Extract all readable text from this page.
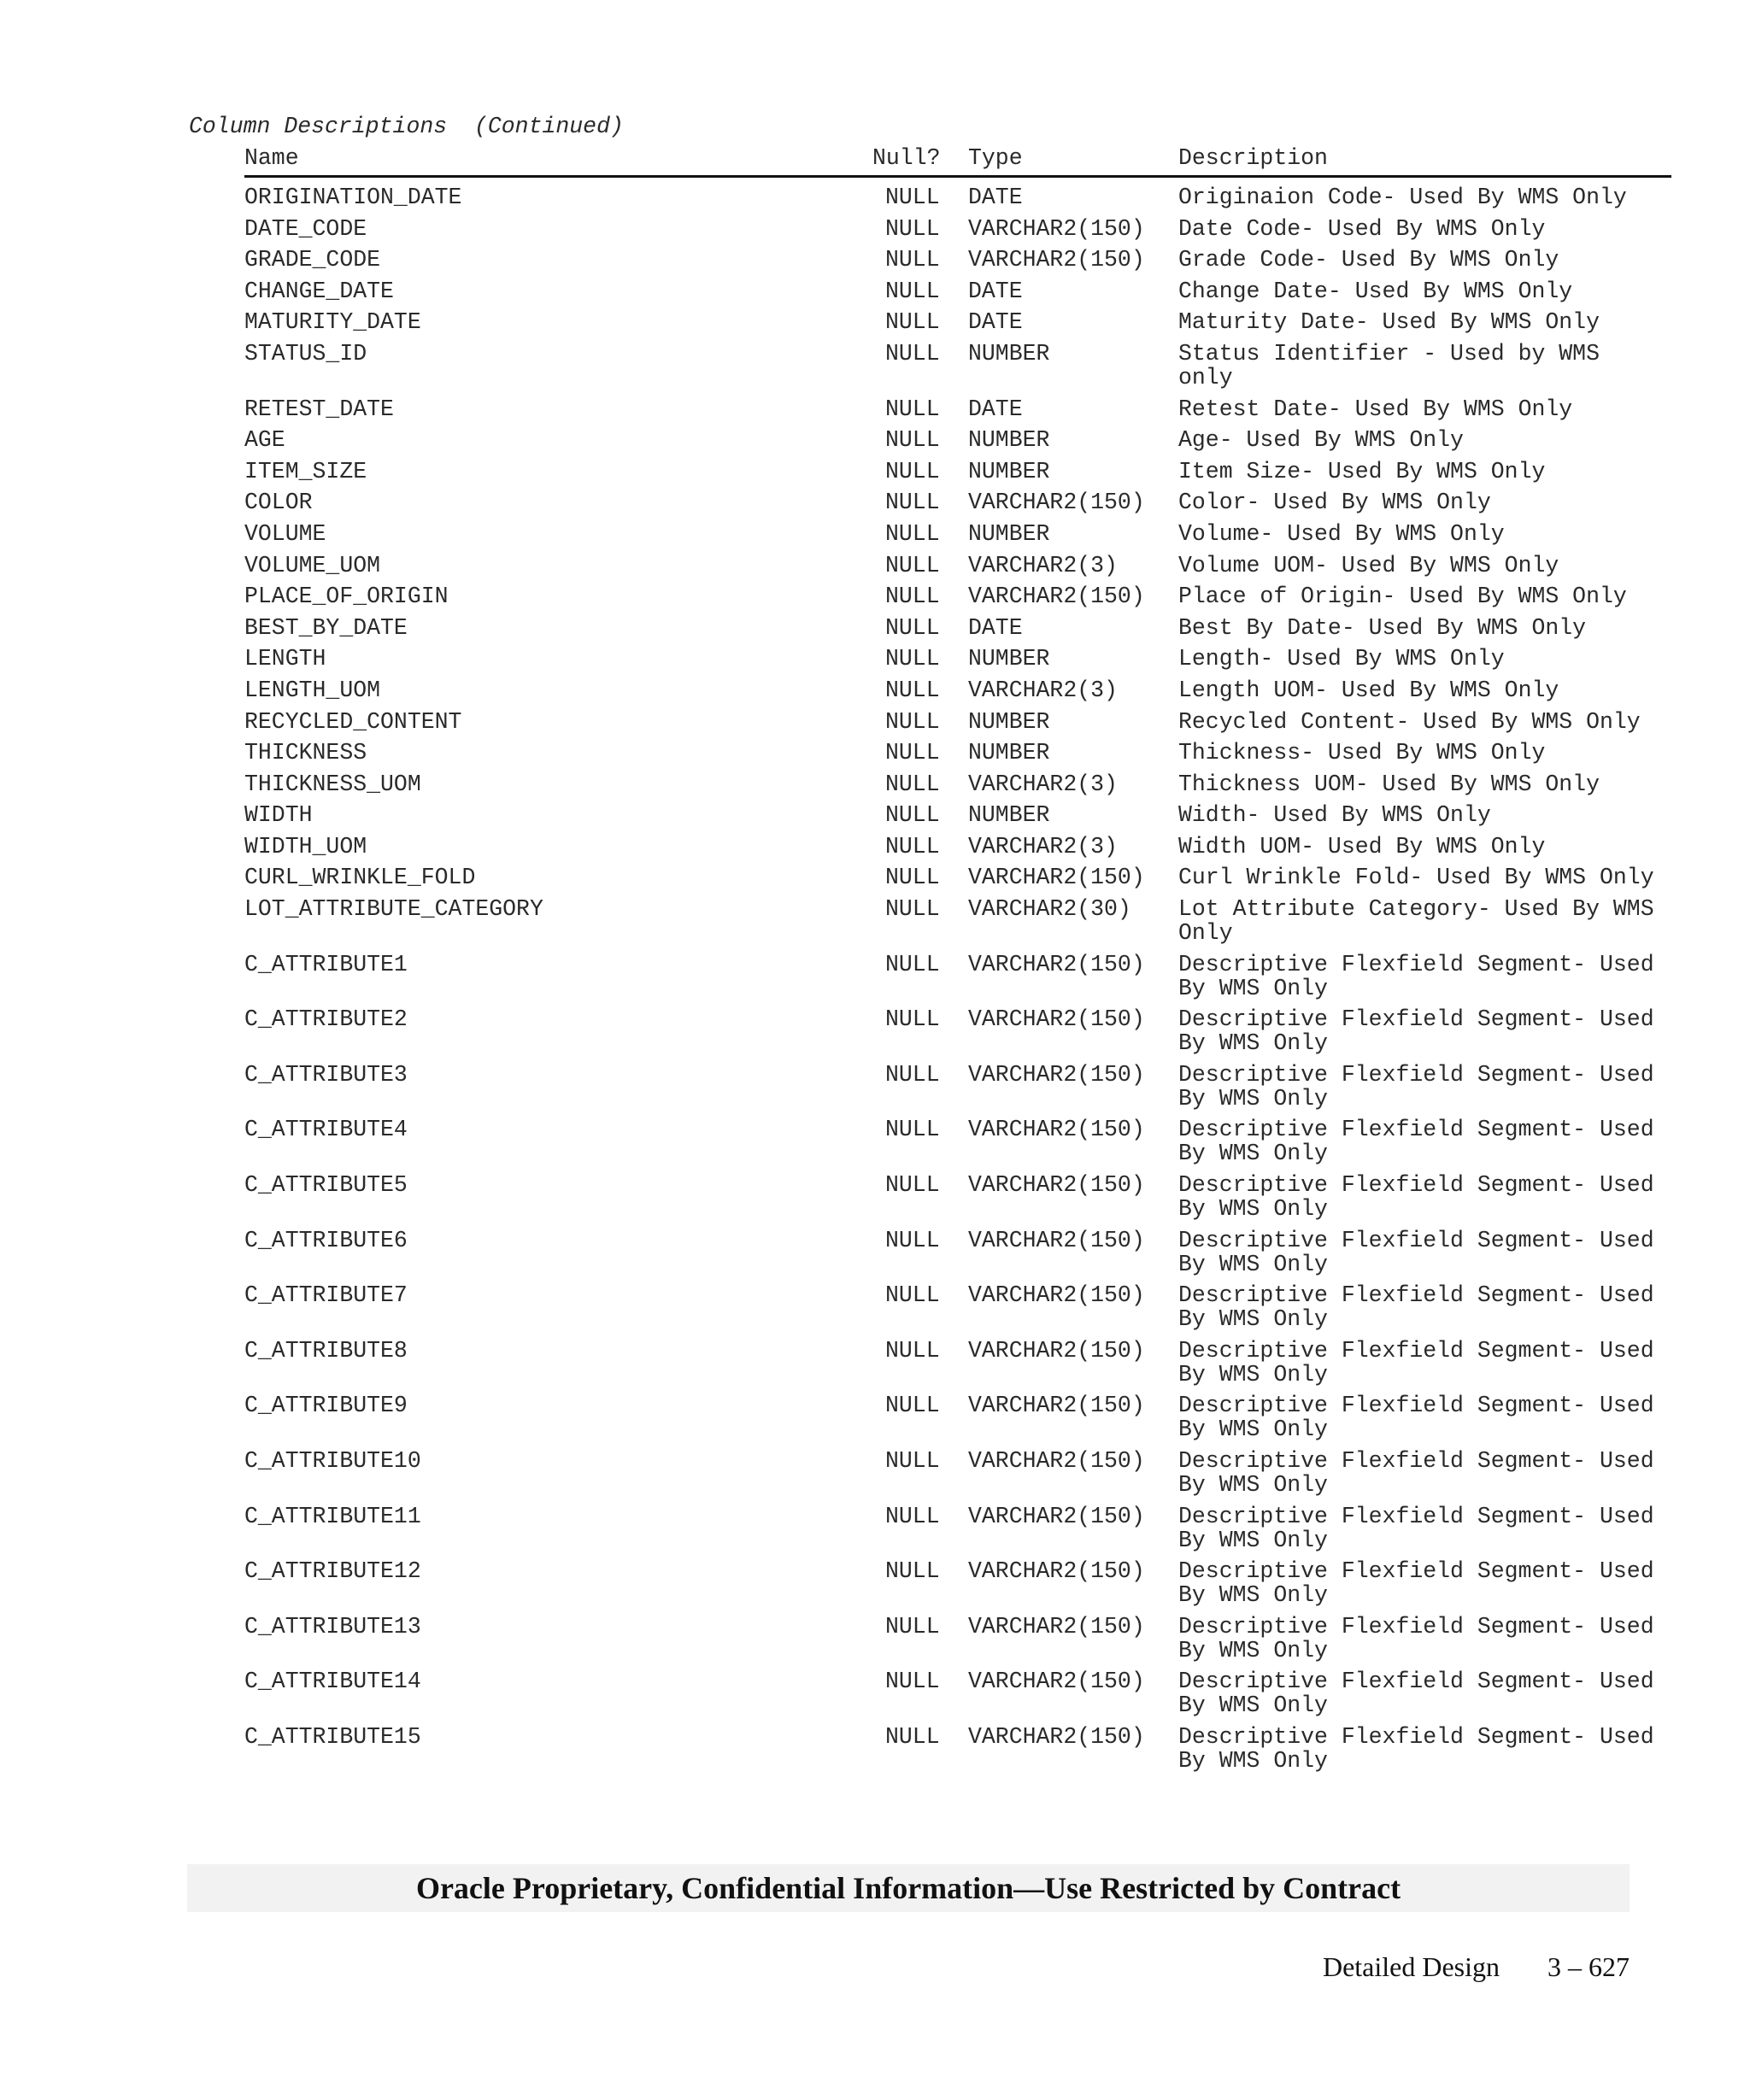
Column Descriptions  (Continued)
Name	Null? Type	Description
ORIGINATION_DATE	NULL DATE	Originaion Code- Used By WMS Only
DATE_CODE	NULL VARCHAR2(150) Date Code- Used By WMS Only
GRADE_CODE	NULL VARCHAR2(150) Grade Code- Used By WMS Only
CHANGE_DATE	NULL DATE	Change Date- Used By WMS Only
MATURITY_DATE	NULL DATE	Maturity Date- Used By WMS Only
STATUS_ID	NULL NUMBER	Status Identifier - Used by WMS only
RETEST_DATE	NULL DATE	Retest Date- Used By WMS Only
AGE	NULL NUMBER	Age- Used By WMS Only
ITEM_SIZE	NULL NUMBER	Item Size- Used By WMS Only
COLOR	NULL VARCHAR2(150) Color- Used By WMS Only
VOLUME	NULL NUMBER	Volume- Used By WMS Only
VOLUME_UOM	NULL VARCHAR2(3)	Volume UOM- Used By WMS Only
PLACE_OF_ORIGIN	NULL VARCHAR2(150) Place of Origin- Used By WMS Only
BEST_BY_DATE	NULL DATE	Best By Date- Used By WMS Only
LENGTH	NULL NUMBER	Length- Used By WMS Only
LENGTH_UOM	NULL VARCHAR2(3)	Length UOM- Used By WMS Only
RECYCLED_CONTENT	NULL NUMBER	Recycled Content- Used By WMS Only
THICKNESS	NULL NUMBER	Thickness- Used By WMS Only
THICKNESS_UOM	NULL VARCHAR2(3)	Thickness UOM- Used By WMS Only
WIDTH	NULL NUMBER	Width- Used By WMS Only
WIDTH_UOM	NULL VARCHAR2(3)	Width UOM- Used By WMS Only
CURL_WRINKLE_FOLD	NULL VARCHAR2(150) Curl Wrinkle Fold- Used By WMS Only
LOT_ATTRIBUTE_CATEGORY	NULL VARCHAR2(30) Lot Attribute Category- Used By WMS Only
C_ATTRIBUTE1	NULL VARCHAR2(150) Descriptive Flexfield Segment- Used By WMS Only
C_ATTRIBUTE2	NULL VARCHAR2(150) Descriptive Flexfield Segment- Used By WMS Only
C_ATTRIBUTE3	NULL VARCHAR2(150) Descriptive Flexfield Segment- Used By WMS Only
C_ATTRIBUTE4	NULL VARCHAR2(150) Descriptive Flexfield Segment- Used By WMS Only
C_ATTRIBUTE5	NULL VARCHAR2(150) Descriptive Flexfield Segment- Used By WMS Only
C_ATTRIBUTE6	NULL VARCHAR2(150) Descriptive Flexfield Segment- Used By WMS Only
C_ATTRIBUTE7	NULL VARCHAR2(150) Descriptive Flexfield Segment- Used By WMS Only
C_ATTRIBUTE8	NULL VARCHAR2(150) Descriptive Flexfield Segment- Used By WMS Only
C_ATTRIBUTE9	NULL VARCHAR2(150) Descriptive Flexfield Segment- Used By WMS Only
C_ATTRIBUTE10	NULL VARCHAR2(150) Descriptive Flexfield Segment- Used By WMS Only
C_ATTRIBUTE11	NULL VARCHAR2(150) Descriptive Flexfield Segment- Used By WMS Only
C_ATTRIBUTE12	NULL VARCHAR2(150) Descriptive Flexfield Segment- Used By WMS Only
C_ATTRIBUTE13	NULL VARCHAR2(150) Descriptive Flexfield Segment- Used By WMS Only
C_ATTRIBUTE14	NULL VARCHAR2(150) Descriptive Flexfield Segment- Used By WMS Only
C_ATTRIBUTE15	NULL VARCHAR2(150) Descriptive Flexfield Segment- Used By WMS Only
Oracle Proprietary, Confidential Information––Use Restricted by Contract
Detailed Design 3 – 627
